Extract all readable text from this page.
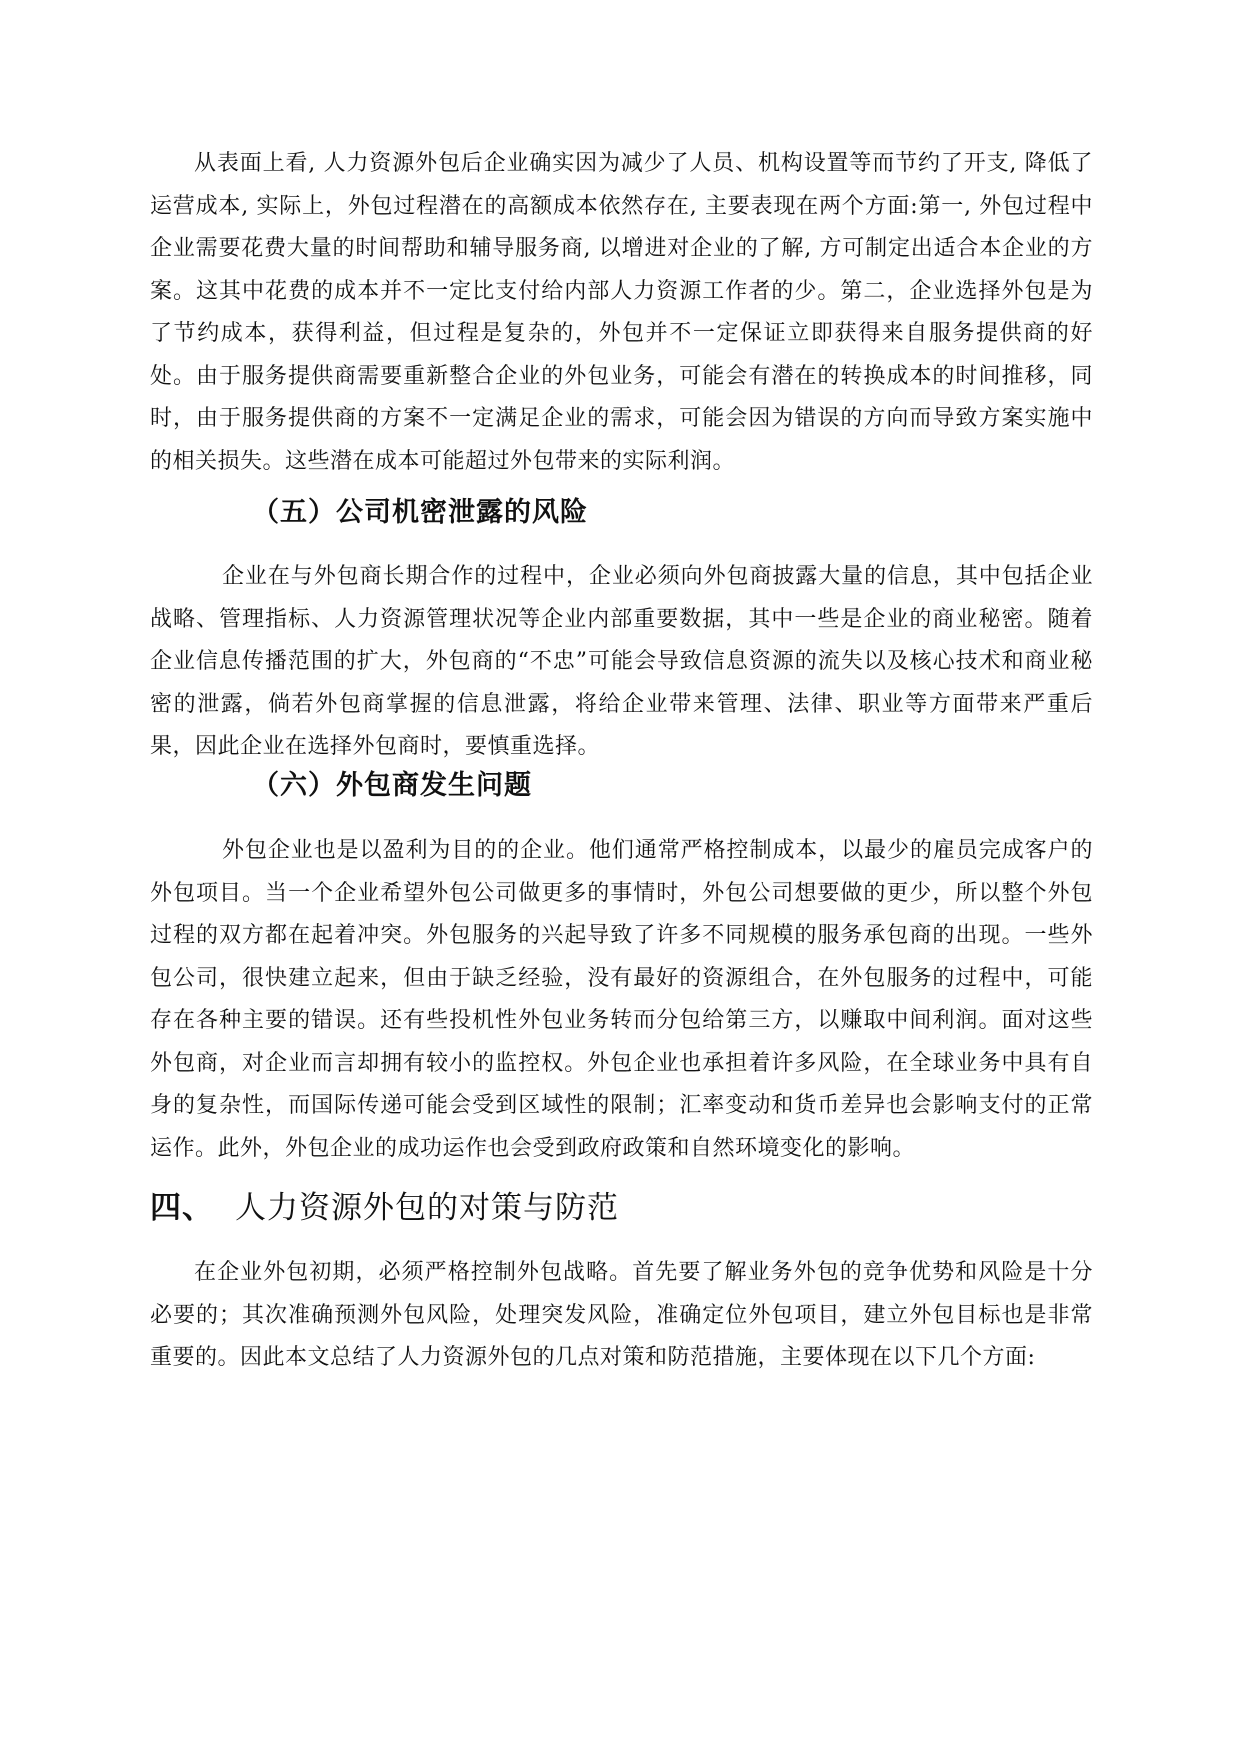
从表面上看, 人力资源外包后企业确实因为减少了人员、机构设置等而节约了开支, 降低了运营成本, 实际上，外包过程潜在的高额成本依然存在, 主要表现在两个方面:第一, 外包过程中企业需要花费大量的时间帮助和辅导服务商, 以增进对企业的了解, 方可制定出适合本企业的方案。这其中花费的成本并不一定比支付给内部人力资源工作者的少。第二，企业选择外包是为了节约成本，获得利益，但过程是复杂的，外包并不一定保证立即获得来自服务提供商的好处。由于服务提供商需要重新整合企业的外包业务，可能会有潜在的转换成本的时间推移，同时，由于服务提供商的方案不一定满足企业的需求，可能会因为错误的方向而导致方案实施中的相关损失。这些潜在成本可能超过外包带来的实际利润。

（五）公司机密泄露的风险

企业在与外包商长期合作的过程中，企业必须向外包商披露大量的信息，其中包括企业战略、管理指标、人力资源管理状况等企业内部重要数据，其中一些是企业的商业秘密。随着企业信息传播范围的扩大，外包商的“不忠”可能会导致信息资源的流失以及核心技术和商业秘密的泄露，倘若外包商掌握的信息泄露，将给企业带来管理、法律、职业等方面带来严重后果，因此企业在选择外包商时，要慎重选择。

（六）外包商发生问题

外包企业也是以盈利为目的的企业。他们通常严格控制成本，以最少的雇员完成客户的外包项目。当一个企业希望外包公司做更多的事情时，外包公司想要做的更少，所以整个外包过程的双方都在起着冲突。外包服务的兴起导致了许多不同规模的服务承包商的出现。一些外包公司，很快建立起来，但由于缺乏经验，没有最好的资源组合，在外包服务的过程中，可能存在各种主要的错误。还有些投机性外包业务转而分包给第三方，以赚取中间利润。面对这些外包商，对企业而言却拥有较小的监控权。外包企业也承担着许多风险，在全球业务中具有自身的复杂性，而国际传递可能会受到区域性的限制；汇率变动和货币差异也会影响支付的正常运作。此外，外包企业的成功运作也会受到政府政策和自然环境变化的影响。

四、 人力资源外包的对策与防范

在企业外包初期，必须严格控制外包战略。首先要了解业务外包的竞争优势和风险是十分必要的；其次准确预测外包风险，处理突发风险，准确定位外包项目，建立外包目标也是非常重要的。因此本文总结了人力资源外包的几点对策和防范措施，主要体现在以下几个方面:
